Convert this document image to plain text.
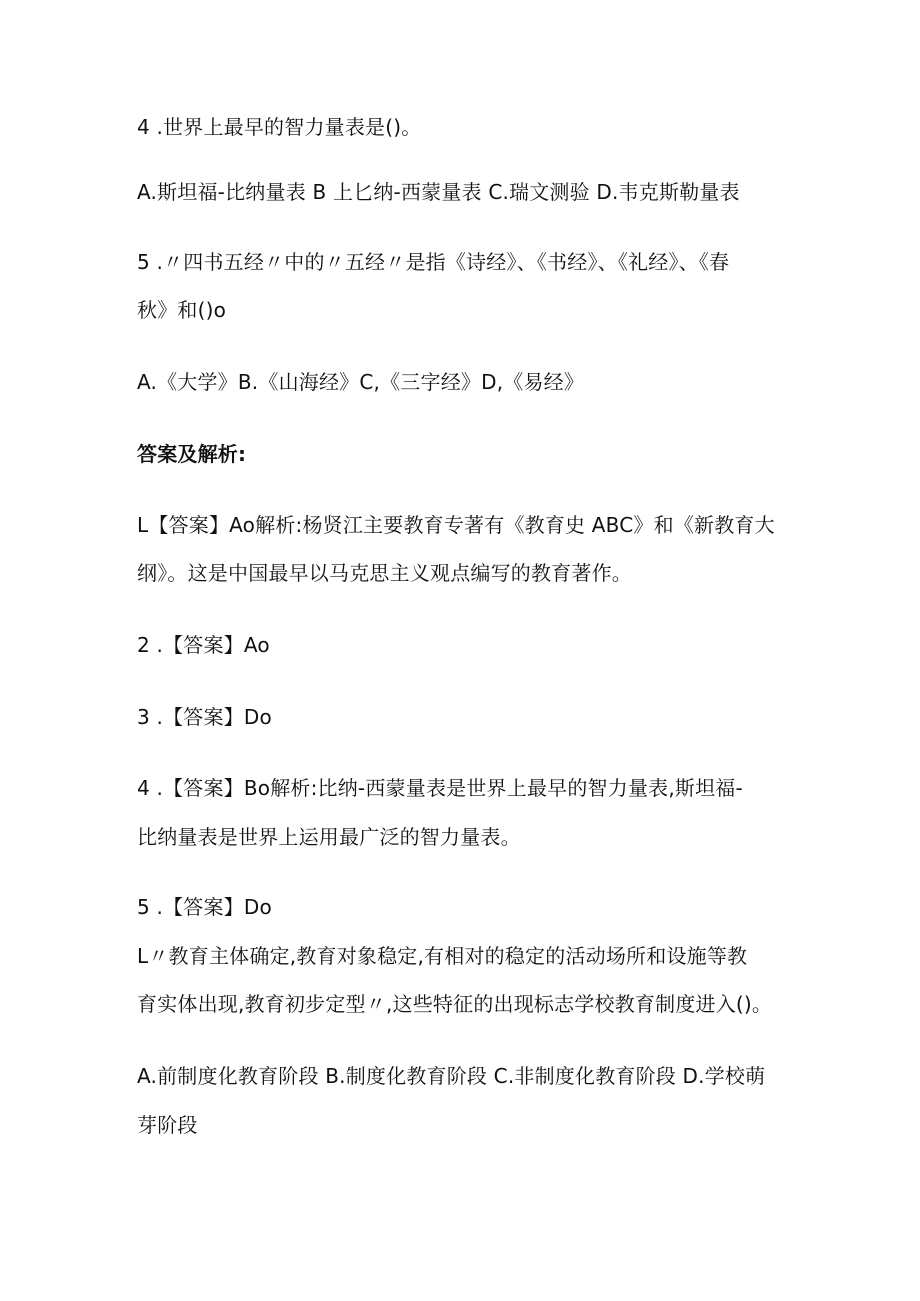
4 .世界上最早的智力量表是()。
A.斯坦福-比纳量表 B 上匕纳-西蒙量表 C.瑞文测验 D.韦克斯勒量表
5 .〃四书五经〃中的〃五经〃是指《诗经》、《书经》、《礼经》、《春
秋》和()o
A.《大学》B.《山海经》C,《三字经》D,《易经》
答案及解析:
L【答案】Ao解析:杨贤江主要教育专著有《教育史 ABC》和《新教育大
纲》。这是中国最早以马克思主义观点编写的教育著作。
2 .【答案】Ao
3 .【答案】Do
4 .【答案】Bo解析:比纳-西蒙量表是世界上最早的智力量表,斯坦福-
比纳量表是世界上运用最广泛的智力量表。
5 .【答案】Do
L〃教育主体确定,教育对象稳定,有相对的稳定的活动场所和设施等教
育实体出现,教育初步定型〃,这些特征的出现标志学校教育制度进入()。
A.前制度化教育阶段 B.制度化教育阶段 C.非制度化教育阶段 D.学校萌
芽阶段
